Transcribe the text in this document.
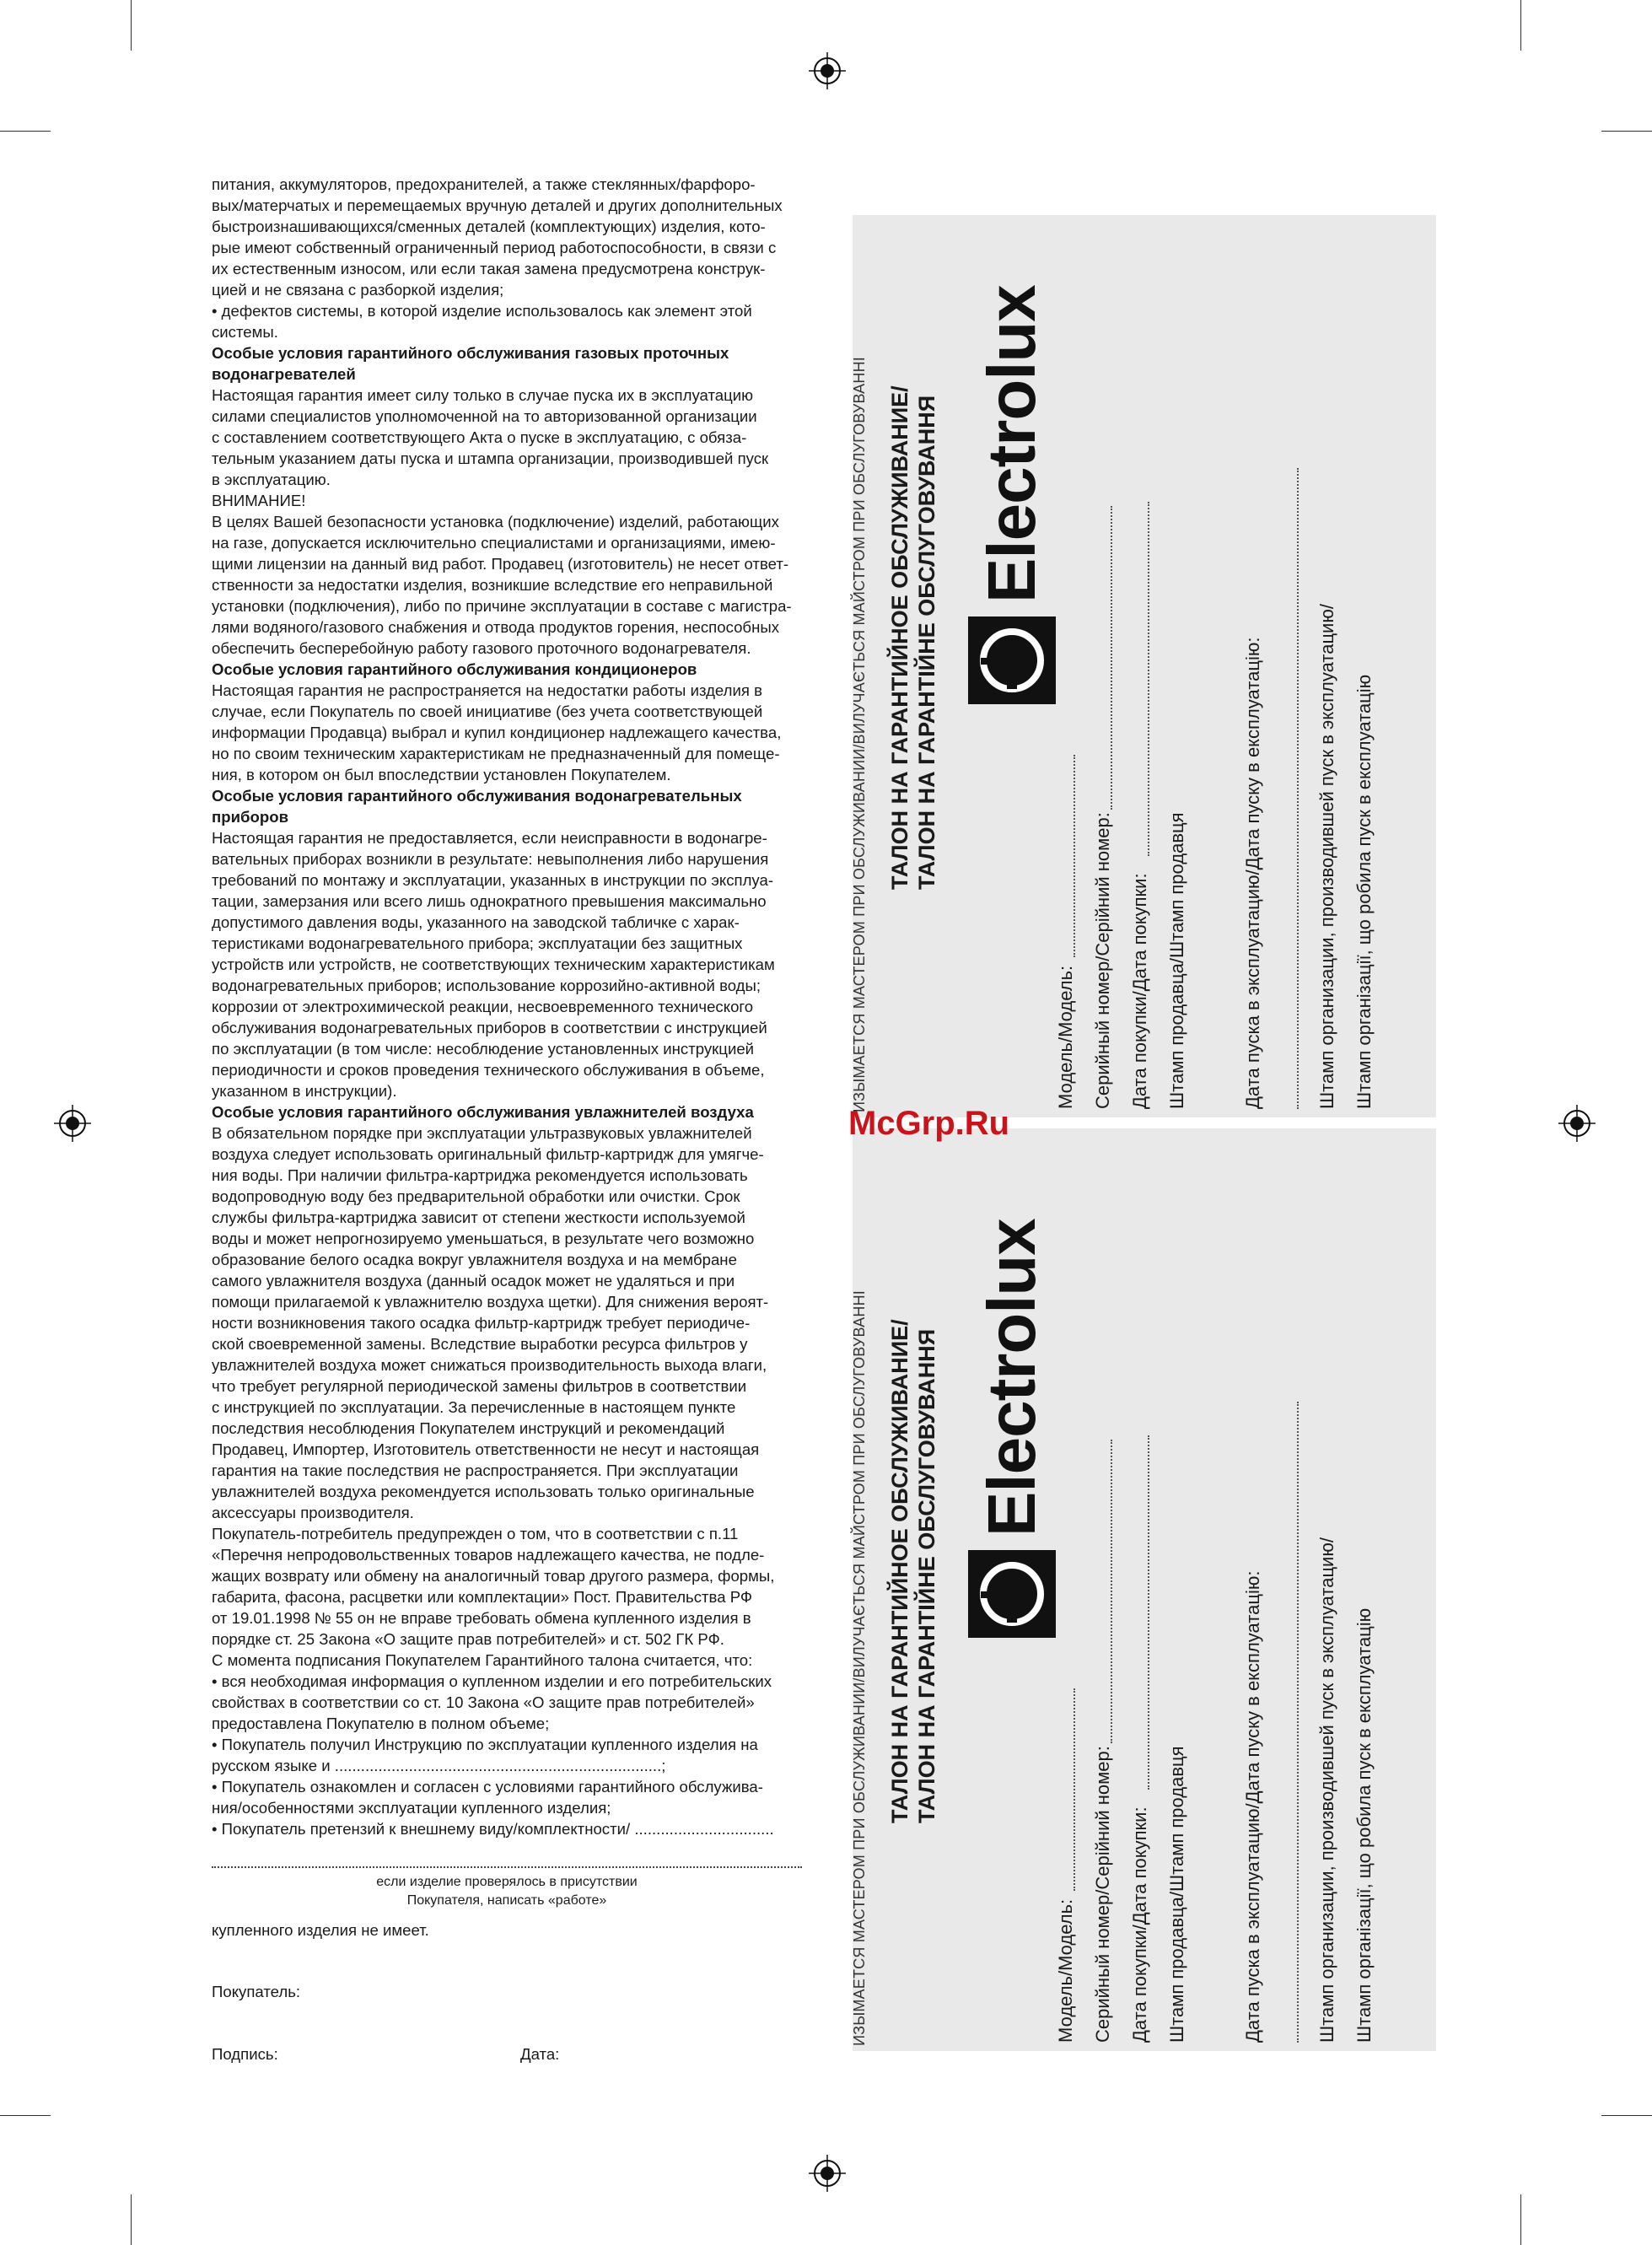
питания, аккумуляторов, предохранителей, а также стеклянных/фарфоро-

вых/матерчатых и перемещаемых вручную деталей и других дополнительных

быстроизнашивающихся/сменных деталей (комплектующих) изделия, кото-

рые имеют собственный ограниченный период работоспособности, в связи с

их естественным износом, или если такая замена предусмотрена конструк-

цией и не связана с разборкой изделия;

• дефектов системы, в которой изделие использовалось как элемент этой

системы.

Особые условия гарантийного обслуживания газовых проточных

водонагревателей

Настоящая гарантия имеет силу только в случае пуска их в эксплуатацию

силами специалистов уполномоченной на то авторизованной организации

с составлением соответствующего Акта о пуске в эксплуатацию, с обяза-

тельным указанием даты пуска и штампа организации, производившей пуск

в эксплуатацию.

ВНИМАНИЕ!

В целях Вашей безопасности установка (подключение) изделий, работающих

на газе, допускается исключительно специалистами и организациями, имею-

щими лицензии на данный вид работ. Продавец (изготовитель) не несет ответ-

ственности за недостатки изделия, возникшие вследствие его неправильной

установки (подключения), либо по причине эксплуатации в составе с магистра-

лями водяного/газового снабжения и отвода продуктов горения, неспособных

обеспечить бесперебойную работу газового проточного водонагревателя.

Особые условия гарантийного обслуживания кондиционеров

Настоящая гарантия не распространяется на недостатки работы изделия в

случае, если Покупатель по своей инициативе (без учета соответствующей

информации Продавца) выбрал и купил кондиционер надлежащего качества,

но по своим техническим характеристикам не предназначенный для помеще-

ния, в котором он был впоследствии установлен Покупателем.

Особые условия гарантийного обслуживания водонагревательных

приборов

Настоящая гарантия не предоставляется, если неисправности в водонагре-

вательных приборах возникли в результате: невыполнения либо нарушения

требований по монтажу и эксплуатации, указанных в инструкции по эксплуа-

тации, замерзания или всего лишь однократного превышения максимально

допустимого давления воды, указанного на заводской табличке с харак-

теристиками водонагревательного прибора; эксплуатации без защитных

устройств или устройств, не соответствующих техническим характеристикам

водонагревательных приборов; использование коррозийно-активной воды;

коррозии от электрохимической реакции, несвоевременного технического

обслуживания водонагревательных приборов в соответствии с инструкцией

по эксплуатации (в том числе: несоблюдение установленных инструкцией

периодичности и сроков проведения технического обслуживания в объеме,

указанном в инструкции).

Особые условия гарантийного обслуживания увлажнителей воздуха

В обязательном порядке при эксплуатации ультразвуковых увлажнителей

воздуха следует использовать оригинальный фильтр-картридж для умягче-

ния воды. При наличии фильтра-картриджа рекомендуется использовать

водопроводную воду без предварительной обработки или очистки. Срок

службы фильтра-картриджа зависит от степени жесткости используемой

воды и может непрогнозируемо уменьшаться, в результате чего возможно

образование белого осадка вокруг увлажнителя воздуха и на мембране

самого увлажнителя воздуха (данный осадок может не удаляться и при

помощи прилагаемой к увлажнителю воздуха щетки). Для снижения вероят-

ности возникновения такого осадка фильтр-картридж требует периодиче-

ской своевременной замены. Вследствие выработки ресурса фильтров у

увлажнителей воздуха может снижаться производительность выхода влаги,

что требует регулярной периодической замены фильтров в соответствии

с инструкцией по эксплуатации. За перечисленные в настоящем пункте

последствия несоблюдения Покупателем инструкций и рекомендаций

Продавец, Импортер, Изготовитель ответственности не несут и настоящая

гарантия на такие последствия не распространяется. При эксплуатации

увлажнителей воздуха рекомендуется использовать только оригинальные

аксессуары производителя.

Покупатель-потребитель предупрежден о том, что в соответствии с п.11

«Перечня непродовольственных товаров надлежащего качества, не подле-

жащих возврату или обмену на аналогичный товар другого размера, формы,

габарита, фасона, расцветки или комплектации» Пост. Правительства РФ

от 19.01.1998 № 55 он не вправе требовать обмена купленного изделия в

порядке ст. 25 Закона «О защите прав потребителей» и ст. 502 ГК РФ.

С момента подписания Покупателем Гарантийного талона считается, что:

• вся необходимая информация о купленном изделии и его потребительских

свойствах в соответствии со ст. 10 Закона «О защите прав потребителей»

предоставлена Покупателю в полном объеме;

• Покупатель получил Инструкцию по эксплуатации купленного изделия на

русском языке и ...........................................................................;

• Покупатель ознакомлен и согласен с условиями гарантийного обслужива-

ния/особенностями эксплуатации купленного изделия;

• Покупатель претензий к внешнему виду/комплектности/ ................................

если изделие проверялось в присутствии
Покупателя, написать «работе»
купленного изделия не имеет.
Покупатель:
Подпись:	Дата:
ИЗЫМАЕТСЯ МАСТЕРОМ ПРИ ОБСЛУЖИВАНИИ/ВИЛУЧАЄТЬСЯ МАЙСТРОМ ПРИ ОБСЛУГОВУВАННІ ТАЛОН НА ГАРАНТИЙНОЕ ОБСЛУЖИВАНИЕ/ ТАЛОН НА ГАРАНТІЙНЕ ОБСЛУГОВУВАННЯ Electrolux
Модель/Модель: Серийный номер/Серійний номер: Дата покупки/Дата покупки: Штамп продавца/Штамп продавця	Дата пуска в эксплуатацию/Дата пуску в експлуатацію:	Штамп организации, производившей пуск в эксплуатацию/ Штамп організації, що робила пуск в експлуатацію
ИЗЫМАЕТСЯ МАСТЕРОМ ПРИ ОБСЛУЖИВАНИИ/ВИЛУЧАЄТЬСЯ МАЙСТРОМ ПРИ ОБСЛУГОВУВАННІ ТАЛОН НА ГАРАНТИЙНОЕ ОБСЛУЖИВАНИЕ/ ТАЛОН НА ГАРАНТІЙНЕ ОБСЛУГОВУВАННЯ Electrolux
Модель/Модель: Серийный номер/Серійний номер: Дата покупки/Дата покупки: Штамп продавца/Штамп продавця	Дата пуска в эксплуатацию/Дата пуску в експлуатацію:	Штамп организации, производившей пуск в эксплуатацию/ Штамп організації, що робила пуск в експлуатацію
McGrp.Ru
